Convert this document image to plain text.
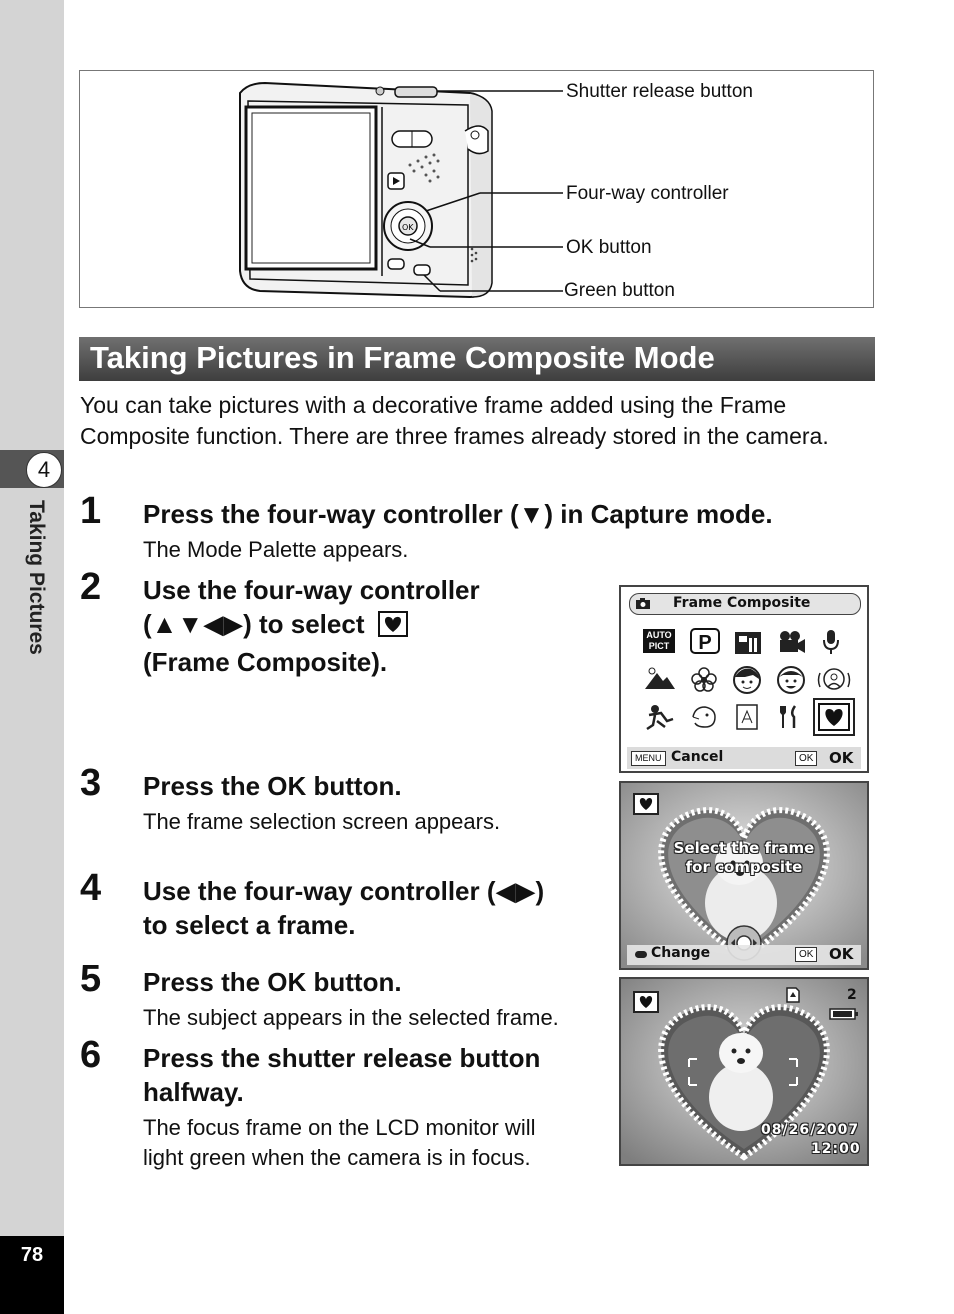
4
Taking Pictures
78
OK
Shutter release button
Four-way controller
OK button
Green button
Taking Pictures in Frame Composite Mode
You can take pictures with a decorative frame added using the Frame Composite function. There are three frames already stored in the camera.
1 Press the four-way controller (▼) in Capture mode.
The Mode Palette appears.
2 Use the four-way controller
(▲▼◀▶) to select
(Frame Composite).
3 Press the OK button.
The frame selection screen appears.
4 Use the four-way controller (◀▶)
to select a frame.
5 Press the OK button.
The subject appears in the selected frame.
6 Press the shutter release button
halfway.
The focus frame on the LCD monitor will
light green when the camera is in focus.
Frame Composite
AUTO PICT	P
MENU Cancel	OK OK
Select the frame
for composite
Change	OK OK
2
08/26/2007
12:00
